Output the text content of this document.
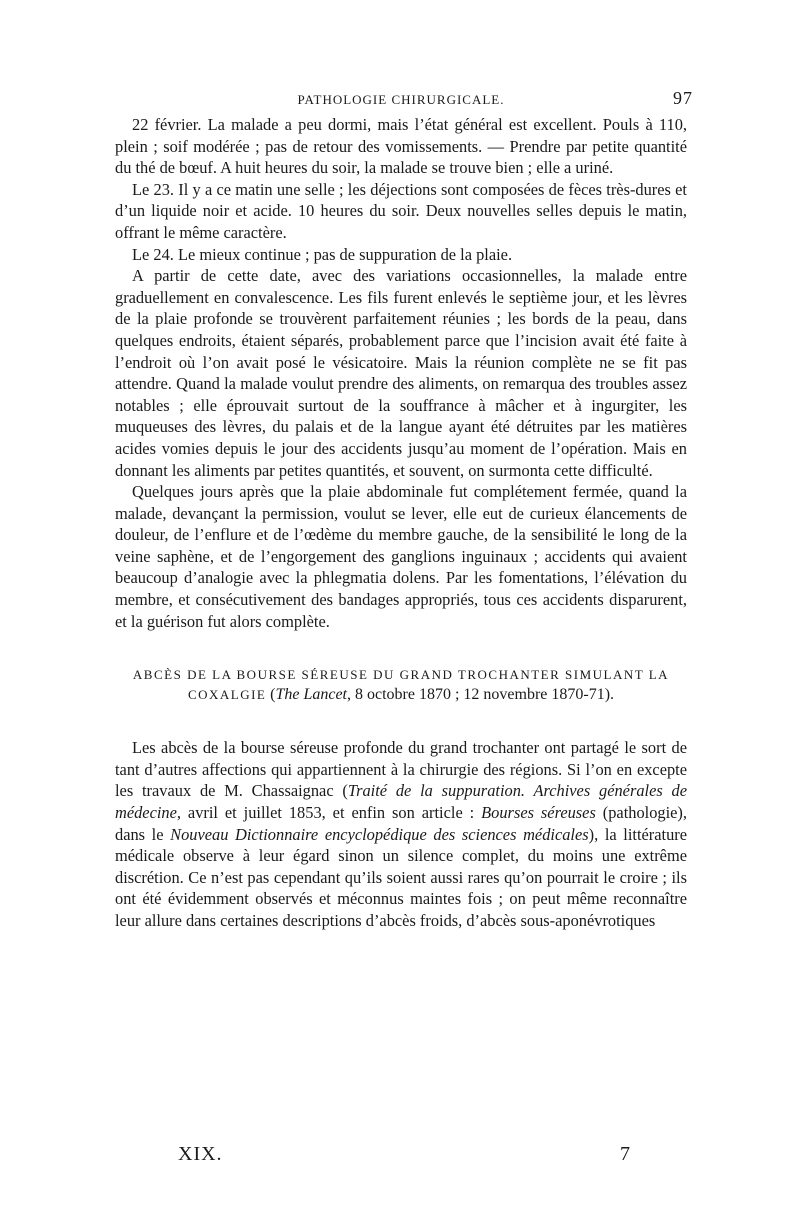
PATHOLOGIE CHIRURGICALE.	97

22 février. La malade a peu dormi, mais l’état général est excellent. Pouls à 110, plein ; soif modérée ; pas de retour des vomissements. — Prendre par petite quantité du thé de bœuf. A huit heures du soir, la malade se trouve bien ; elle a uriné.

Le 23. Il y a ce matin une selle ; les déjections sont composées de fèces très-dures et d’un liquide noir et acide. 10 heures du soir. Deux nouvelles selles depuis le matin, offrant le même caractère.

Le 24. Le mieux continue ; pas de suppuration de la plaie.

A partir de cette date, avec des variations occasionnelles, la malade entre graduellement en convalescence. Les fils furent enlevés le septième jour, et les lèvres de la plaie profonde se trouvèrent parfaitement réunies ; les bords de la peau, dans quelques endroits, étaient séparés, probablement parce que l’incision avait été faite à l’endroit où l’on avait posé le vésicatoire. Mais la réunion complète ne se fit pas attendre. Quand la malade voulut prendre des aliments, on remarqua des troubles assez notables ; elle éprouvait surtout de la souffrance à mâcher et à ingurgiter, les muqueuses des lèvres, du palais et de la langue ayant été détruites par les matières acides vomies depuis le jour des accidents jusqu’au moment de l’opération. Mais en donnant les aliments par petites quantités, et souvent, on surmonta cette difficulté.

Quelques jours après que la plaie abdominale fut complétement fermée, quand la malade, devançant la permission, voulut se lever, elle eut de curieux élancements de douleur, de l’enflure et de l’œdème du membre gauche, de la sensibilité le long de la veine saphène, et de l’engorgement des ganglions inguinaux ; accidents qui avaient beaucoup d’analogie avec la phlegmatia dolens. Par les fomentations, l’élévation du membre, et consécutivement des bandages appropriés, tous ces accidents disparurent, et la guérison fut alors complète.

ABCÈS DE LA BOURSE SÉREUSE DU GRAND TROCHANTER SIMULANT LA COXALGIE (The Lancet, 8 octobre 1870 ; 12 novembre 1870-71).

Les abcès de la bourse séreuse profonde du grand trochanter ont partagé le sort de tant d’autres affections qui appartiennent à la chirurgie des régions. Si l’on en excepte les travaux de M. Chassaignac (Traité de la suppuration. Archives générales de médecine, avril et juillet 1853, et enfin son article : Bourses séreuses (pathologie), dans le Nouveau Dictionnaire encyclopédique des sciences médicales), la littérature médicale observe à leur égard sinon un silence complet, du moins une extrême discrétion. Ce n’est pas cependant qu’ils soient aussi rares qu’on pourrait le croire ; ils ont été évidemment observés et méconnus maintes fois ; on peut même reconnaître leur allure dans certaines descriptions d’abcès froids, d’abcès sous-aponévrotiques

XIX.	7
